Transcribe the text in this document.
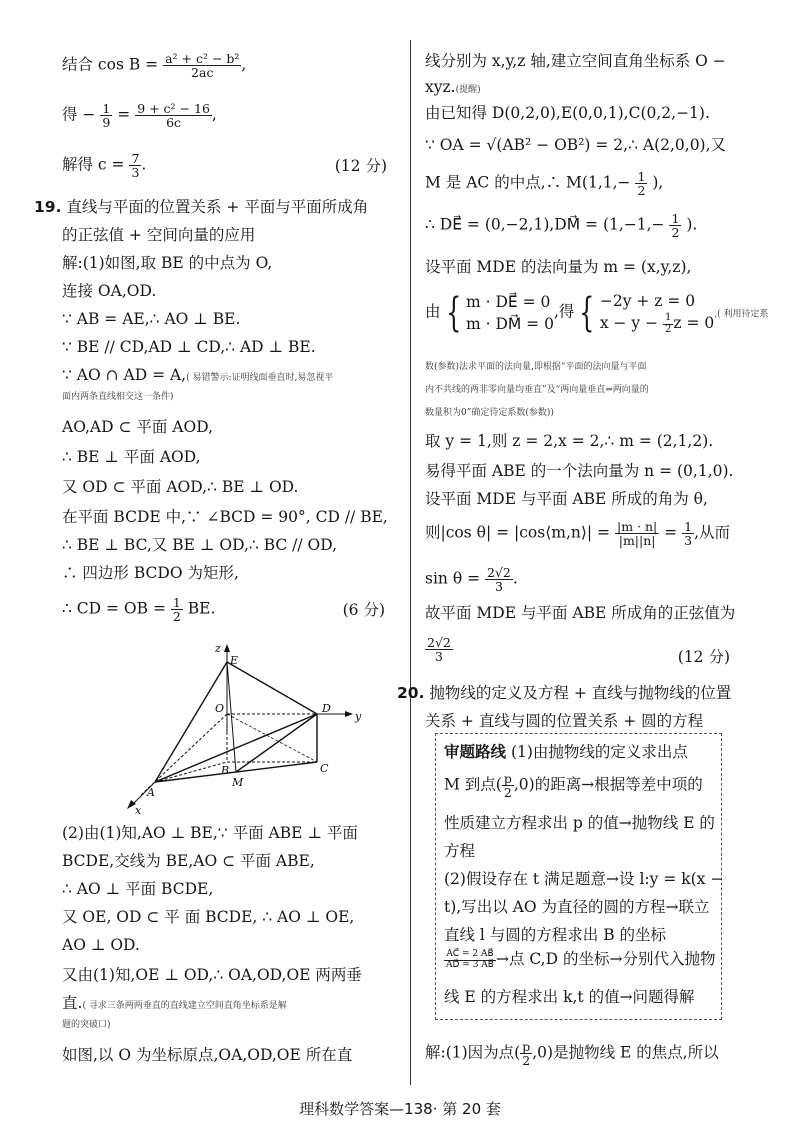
结合 $\cos B = \frac{\text{a² + c² − b²}}{2ac}$ ,
得 − $\frac{1}{9} = \frac{\text{9 + c² − 16}}{6c}$ ,
解得 $c = \frac{7}{3}$ .	(12 分)
19. 直线与平面的位置关系 + 平面与平面所成角
的正弦值 + 空间向量的应用
解:(1)如图,取 BE 的中点为 O,
连接 OA,OD.
∵ AB = AE,∴ AO ⊥ BE.
∵ BE // CD,AD ⊥ CD,∴ AD ⊥ BE.
∵ AO ∩ AD = A,( 易错警示:证明线面垂直时,易忽视平
面内两条直线相交这一条件)
AO,AD ⊂ 平面 AOD,
∴ BE ⊥ 平面 AOD,
又 OD ⊂ 平面 AOD,∴ BE ⊥ OD.
在平面 BCDE 中,∵ ∠BCD = 90°, CD // BE,
∴ BE ⊥ BC,又 BE ⊥ OD,∴ BC // OD,
∴ 四边形 BCDO 为矩形,
∴ CD = OB = $\frac{1}{2}$ BE.	(6 分)
z
E
O	D
y
B	C
M
A
x
(2)由(1)知,AO ⊥ BE,∵ 平面 ABE ⊥ 平面
BCDE,交线为 BE,AO ⊂ 平面 ABE,
∴ AO ⊥ 平面 BCDE,
又 OE, OD ⊂ 平 面 BCDE, ∴ AO ⊥ OE,
AO ⊥ OD.
又由(1)知,OE ⊥ OD,∴ OA,OD,OE 两两垂
直.( 寻求三条两两垂直的直线建立空间直角坐标系是解
题的突破口)
如图,以 O 为坐标原点,OA,OD,OE 所在直
线分别为 x,y,z 轴,建立空间直角坐标系 O −
xyz.(提醒)
由已知得 D(0,2,0),E(0,0,1),C(0,2,−1).
∵ OA = √(AB² − OB²) = 2,∴ A(2,0,0),又
M 是 AC 的中点,∴ $M(1,1,- \frac{1}{2}$ ),
∴ DE⃗ = (0,−2,1),DM⃗ = ($1,-1,- \frac{1}{2}$ ).
设平面 MDE 的法向量为 m = (x,y,z),
由 { m · DE⃗ = 0
m · DM⃗ = 0
,得 { −2y + z = 0
$x - y - \frac{1}{2}$ z = 0 ,( 利用待定系
数(参数)法求平面的法向量,即根据“平面的法向量与平面
内不共线的两非零向量均垂直”及“两向量垂直⇔两向量的
数量积为0”确定待定系数(参数))
取 y = 1,则 z = 2,x = 2,∴ m = (2,1,2).
易得平面 ABE 的一个法向量为 n = (0,1,0).
设平面 MDE 与平面 ABE 所成的角为 θ,
则|cos θ| = |cos⟨m,n⟩| = $\frac{|m \cdot n|}{|m||n|} = \frac{1}{3}$ ,从而
$\sin \theta = \frac{2√2}{3}$ .
故平面 MDE 与平面 ABE 所成角的正弦值为
$\frac{2√2}{3}$	(12 分)
20. 抛物线的定义及方程 + 直线与抛物线的位置
关系 + 直线与圆的位置关系 + 圆的方程
审题路线 (1)由抛物线的定义求出点
M 到点( $\frac{p}{2} ,0$)的距离→根据等差中项的
性质建立方程求出 p 的值→抛物线 E 的
方程
(2)假设存在 t 满足题意→设 l:y = k(x −
t),写出以 AO 为直径的圆的方程→联立
直线 l 与圆的方程求出 B 的坐标
$\frac{AC⃗ = 2 AB⃗}{AD⃗ = 3 AB⃗}$ →点 C,D 的坐标→分别代入抛物
线 E 的方程求出 k,t 的值→问题得解
解:(1)因为点( $\frac{p}{2} ,0$)是抛物线 E 的焦点,所以
理科数学答案—138· 第 20 套
